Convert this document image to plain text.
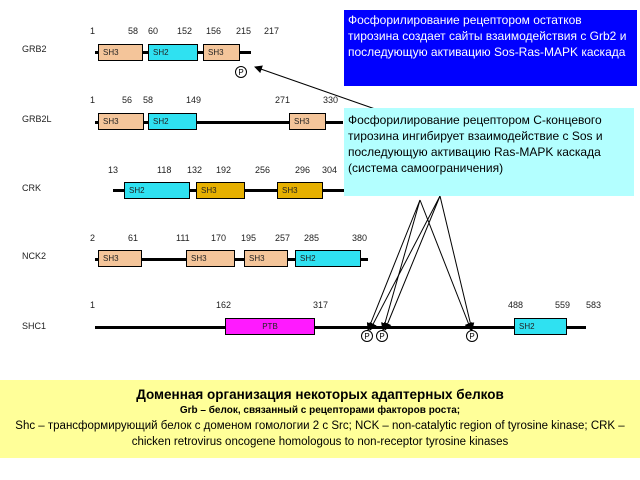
GRB2
1	58 60 152 156 215 217
SH3	SH2	SH3
P
GRB2L
1	56 58	149	271	330
SH3	SH2	SH3
CRK
13	118 132 192	256	296 304
SH2	SH3	SH3
NCK2
2	61	111 170 195 257 285	380
SH3	SH3	SH3	SH2
SHC1
1	162	317	488	559 583
PTB	SH2
P	P	P
Фосфорилирование рецептором остатков тирозина создает сайты взаимодействия с Grb2 и последующую активацию Sos-Ras-MAPK каскада
Фосфорилирование рецептором C-концевого тирозина ингибирует взаимодействие с Sos и последующую активацию Ras-MAPK каскада (система самоограничения)
Доменная организация некоторых адаптерных белков
Grb – белок, связанный с рецепторами факторов роста;
Shc – трансформирующий белок с доменом гомологии 2 с Src; NCK – non-catalytic region of tyrosine kinase; CRK – chicken retrovirus oncogene homologous to non-receptor tyrosine kinases
